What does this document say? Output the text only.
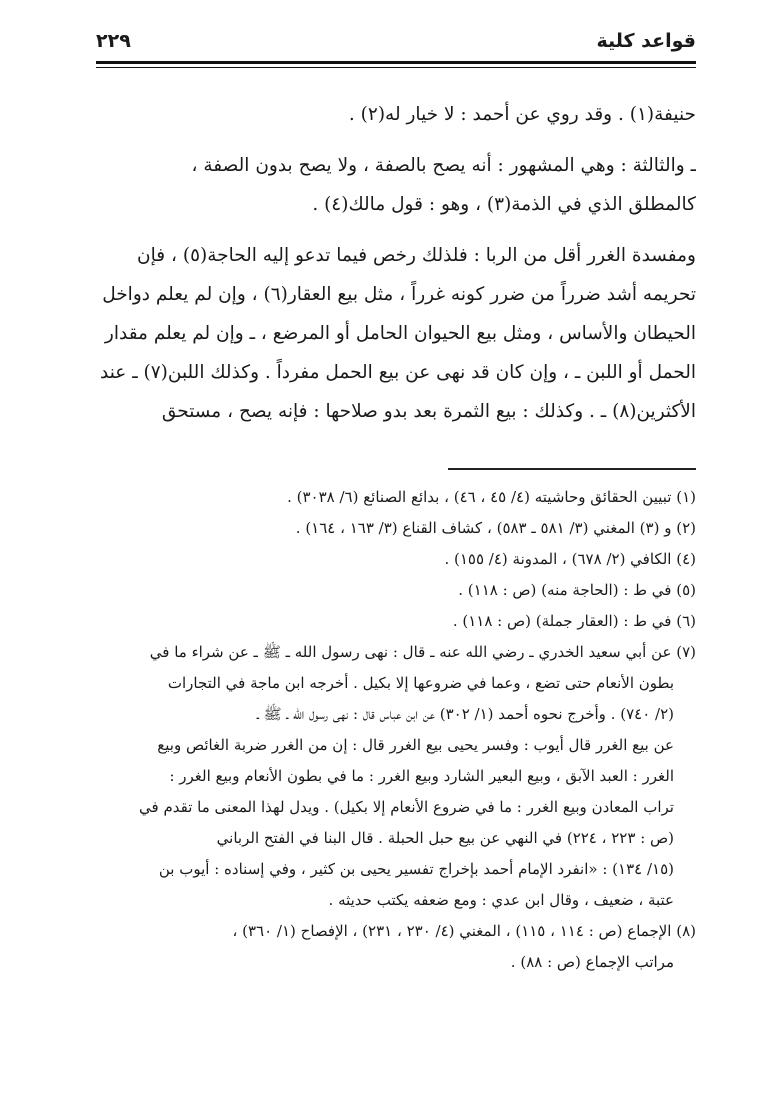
قواعد كلية
٢٢٩
حنيفة(١) . وقد روي عن أحمد : لا خيار له(٢) .
ـ والثالثة : وهي المشهور : أنه يصح بالصفة ، ولا يصح بدون الصفة ،
كالمطلق الذي في الذمة(٣) ، وهو : قول مالك(٤) .
ومفسدة الغرر أقل من الربا : فلذلك رخص فيما تدعو إليه الحاجة(٥) ، فإن
تحريمه أشد ضرراً من ضرر كونه غرراً ، مثل بيع العقار(٦) ، وإن لم يعلم دواخل
الحيطان والأساس ، ومثل بيع الحيوان الحامل أو المرضع ، ـ وإن لم يعلم مقدار
الحمل أو اللبن ـ ، وإن كان قد نهى عن بيع الحمل مفرداً . وكذلك اللبن(٧) ـ عند
الأكثرين(٨) ـ . وكذلك : بيع الثمرة بعد بدو صلاحها : فإنه يصح ، مستحق
(١) تبيين الحقائق وحاشيته (٤/ ٤٥ ، ٤٦) ، بدائع الصنائع (٦/ ٣٠٣٨) .
(٢) و (٣) المغني (٣/ ٥٨١ ـ ٥٨٣) ، كشاف القناع (٣/ ١٦٣ ، ١٦٤) .
(٤) الكافي (٢/ ٦٧٨) ، المدونة (٤/ ١٥٥) .
(٥) في ط : (الحاجة منه) (ص : ١١٨) .
(٦) في ط : (العقار جملة) (ص : ١١٨) .
(٧) عن أبي سعيد الخدري ـ رضي الله عنه ـ قال : نهى رسول الله ـ ﷺ ـ عن شراء ما في
بطون الأنعام حتى تضع ، وعما في ضروعها إلا بكيل . أخرجه ابن ماجة في التجارات
(٢/ ٧٤٠) . وأخرج نحوه أحمد (١/ ٣٠٢) عن ابن عباس قال : نهى رسول الله ـ ﷺ ـ
عن بيع الغرر قال أيوب : وفسر يحيى بيع الغرر قال : إن من الغرر ضربة الغائص وبيع
الغرر : العبد الآبق ، وبيع البعير الشارد وبيع الغرر : ما في بطون الأنعام وبيع الغرر :
تراب المعادن وبيع الغرر : ما في ضروع الأنعام إلا بكيل) . ويدل لهذا المعنى ما تقدم في
(ص : ٢٢٣ ، ٢٢٤) في النهي عن بيع حبل الحبلة . قال البنا في الفتح الرباني
(١٥/ ١٣٤) : «انفرد الإمام أحمد بإخراج تفسير يحيى بن كثير ، وفي إسناده : أيوب بن
عتبة ، ضعيف ، وقال ابن عدي : ومع ضعفه يكتب حديثه .
(٨) الإجماع (ص : ١١٤ ، ١١٥) ، المغني (٤/ ٢٣٠ ، ٢٣١) ، الإفصاح (١/ ٣٦٠) ،
مراتب الإجماع (ص : ٨٨) .
